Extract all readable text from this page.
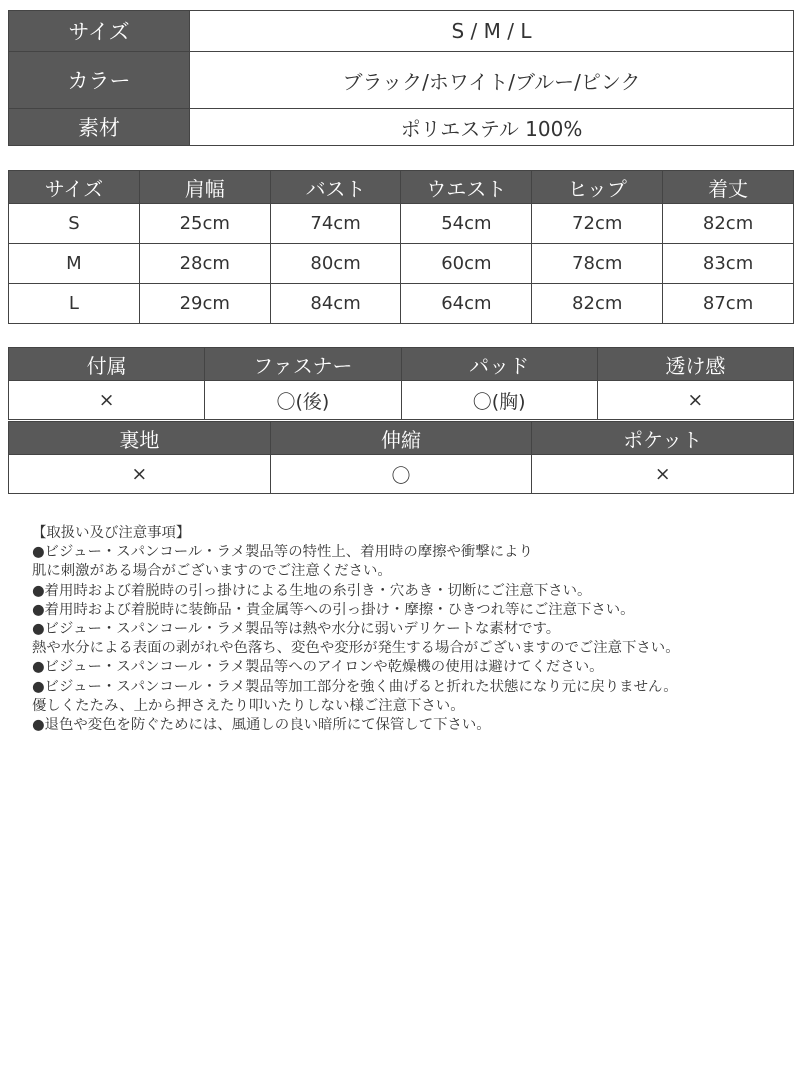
サイズ	S / M / L
カラー	ブラック/ホワイト/ブルー/ピンク
素材	ポリエステル 100%
サイズ	肩幅	バスト	ウエスト	ヒップ	着丈
S	25cm	74cm	54cm	72cm	82cm
M	28cm	80cm	60cm	78cm	83cm
L	29cm	84cm	64cm	82cm	87cm
付属	ファスナー	パッド	透け感
×	〇(後)	〇(胸)	×
裏地	伸縮	ポケット
×	〇	×
【取扱い及び注意事項】
●ビジュー・スパンコール・ラメ製品等の特性上、着用時の摩擦や衝撃により
肌に刺激がある場合がございますのでご注意ください。
●着用時および着脱時の引っ掛けによる生地の糸引き・穴あき・切断にご注意下さい。
●着用時および着脱時に装飾品・貴金属等への引っ掛け・摩擦・ひきつれ等にご注意下さい。
●ビジュー・スパンコール・ラメ製品等は熱や水分に弱いデリケートな素材です。
熱や水分による表面の剥がれや色落ち、変色や変形が発生する場合がございますのでご注意下さい。
●ビジュー・スパンコール・ラメ製品等へのアイロンや乾燥機の使用は避けてください。
●ビジュー・スパンコール・ラメ製品等加工部分を強く曲げると折れた状態になり元に戻りません。
優しくたたみ、上から押さえたり叩いたりしない様ご注意下さい。
●退色や変色を防ぐためには、風通しの良い暗所にて保管して下さい。
